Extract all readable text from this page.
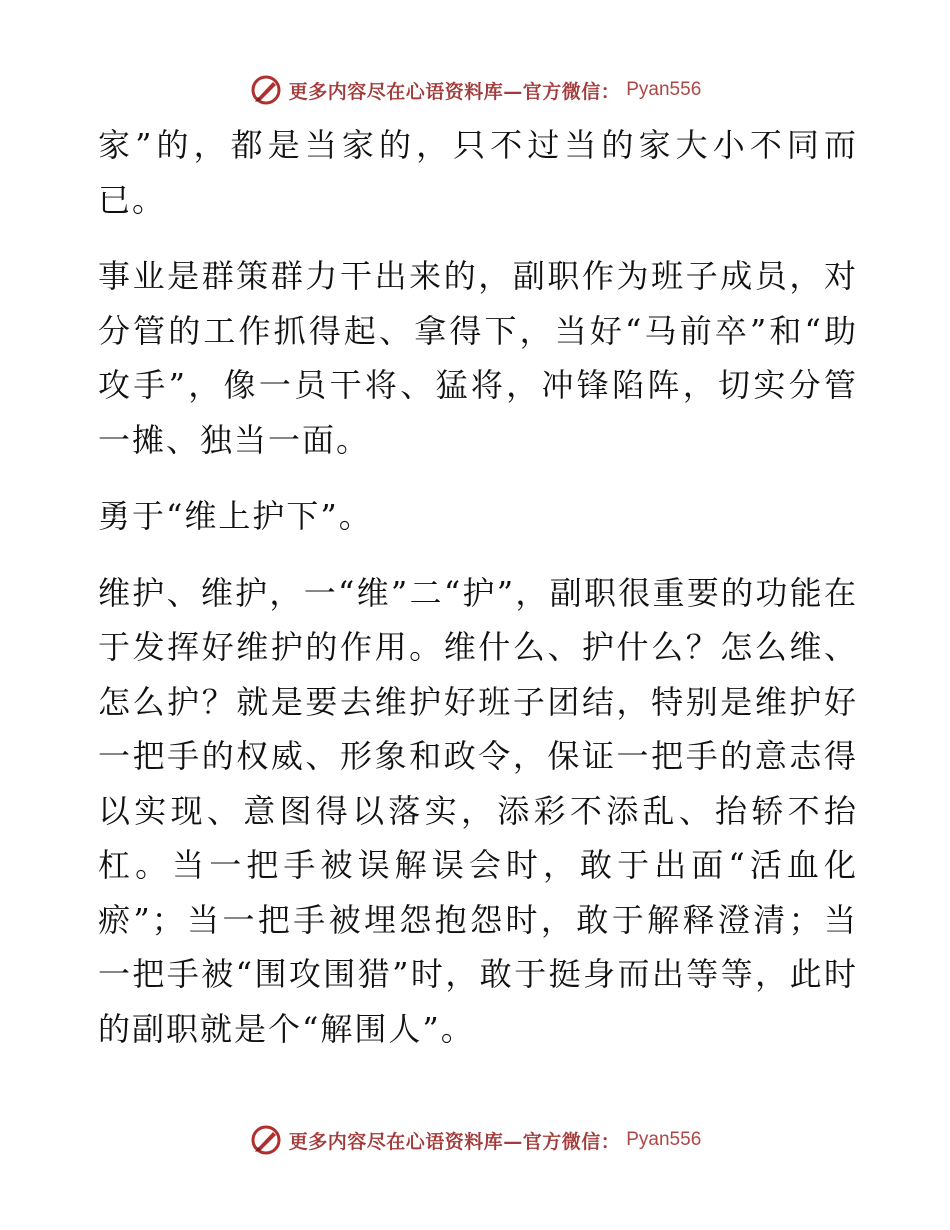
更多内容尽在心语资料库—官方微信： Pyan556

家”的，都是当家的，只不过当的家大小不同而已。

事业是群策群力干出来的，副职作为班子成员，对分管的工作抓得起、拿得下，当好“马前卒”和“助攻手”，像一员干将、猛将，冲锋陷阵，切实分管一摊、独当一面。

勇于“维上护下”。

维护、维护，一“维”二“护”，副职很重要的功能在于发挥好维护的作用。维什么、护什么？怎么维、怎么护？就是要去维护好班子团结，特别是维护好一把手的权威、形象和政令，保证一把手的意志得以实现、意图得以落实，添彩不添乱、抬轿不抬杠。当一把手被误解误会时，敢于出面“活血化瘀”；当一把手被埋怨抱怨时，敢于解释澄清；当一把手被“围攻围猎”时，敢于挺身而出等等，此时的副职就是个“解围人”。

更多内容尽在心语资料库—官方微信： Pyan556
